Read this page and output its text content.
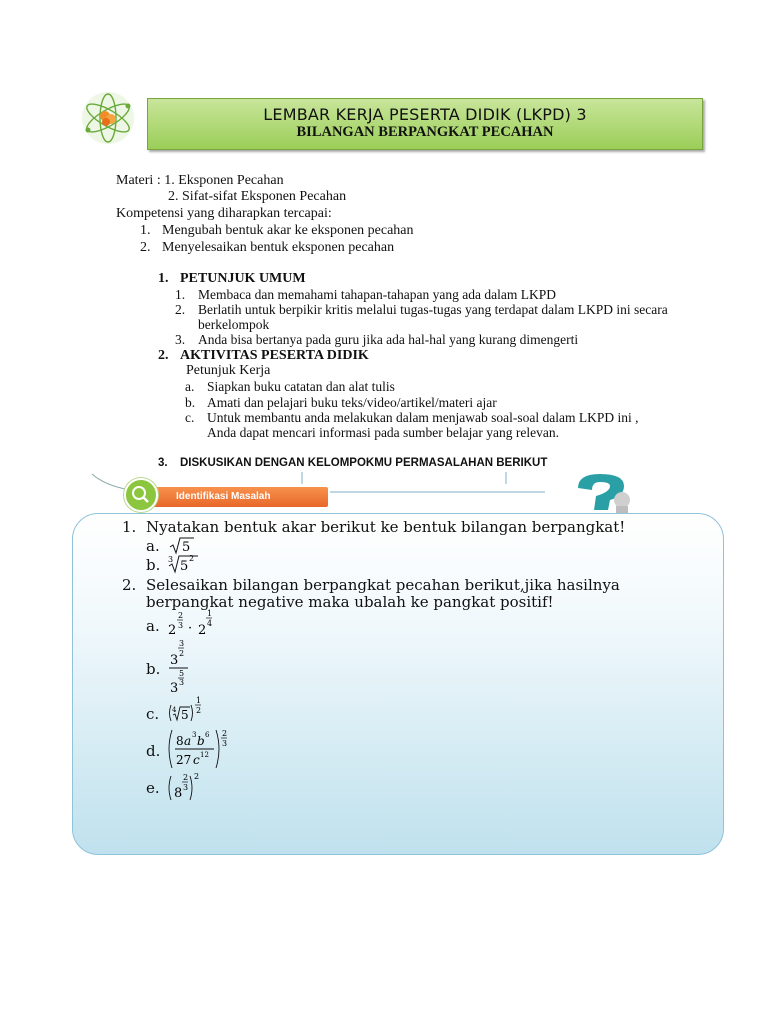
LEMBAR KERJA PESERTA DIDIK (LKPD) 3
BILANGAN BERPANGKAT PECAHAN
Materi : 1. Eksponen Pecahan
2. Sifat-sifat Eksponen Pecahan
Kompetensi yang diharapkan tercapai:
1. Mengubah bentuk akar ke eksponen pecahan
2. Menyelesaikan bentuk eksponen pecahan
1. PETUNJUK UMUM
1. Membaca dan memahami tahapan-tahapan yang ada dalam LKPD
2. Berlatih untuk berpikir kritis melalui tugas-tugas yang terdapat dalam LKPD ini secara
berkelompok
3. Anda bisa bertanya pada guru jika ada hal-hal yang kurang dimengerti
2. AKTIVITAS PESERTA DIDIK
Petunjuk Kerja
a. Siapkan buku catatan dan alat tulis
b. Amati dan pelajari buku teks/video/artikel/materi ajar
c. Untuk membantu anda melakukan dalam menjawab soal-soal dalam LKPD ini ,
Anda dapat mencari informasi pada sumber belajar yang relevan.
3. DISKUSIKAN DENGAN KELOMPOKMU PERMASALAHAN BERIKUT
Identifikasi Masalah
1. Nyatakan bentuk akar berikut ke bentuk bilangan berpangkat!
a. 5
b. 3 5
2
2. Selesaikan bilangan berpangkat pecahan berikut,jika hasilnya
berpangkat negative maka ubalah ke pangkat positif!
a. 2
2
3 · 2
1
4
b. 3
3
2
3
5
3
c. 4 5
1
2
d.
8 a 3 b 6
27 c 12
2
3
e. 8
2
3
2
